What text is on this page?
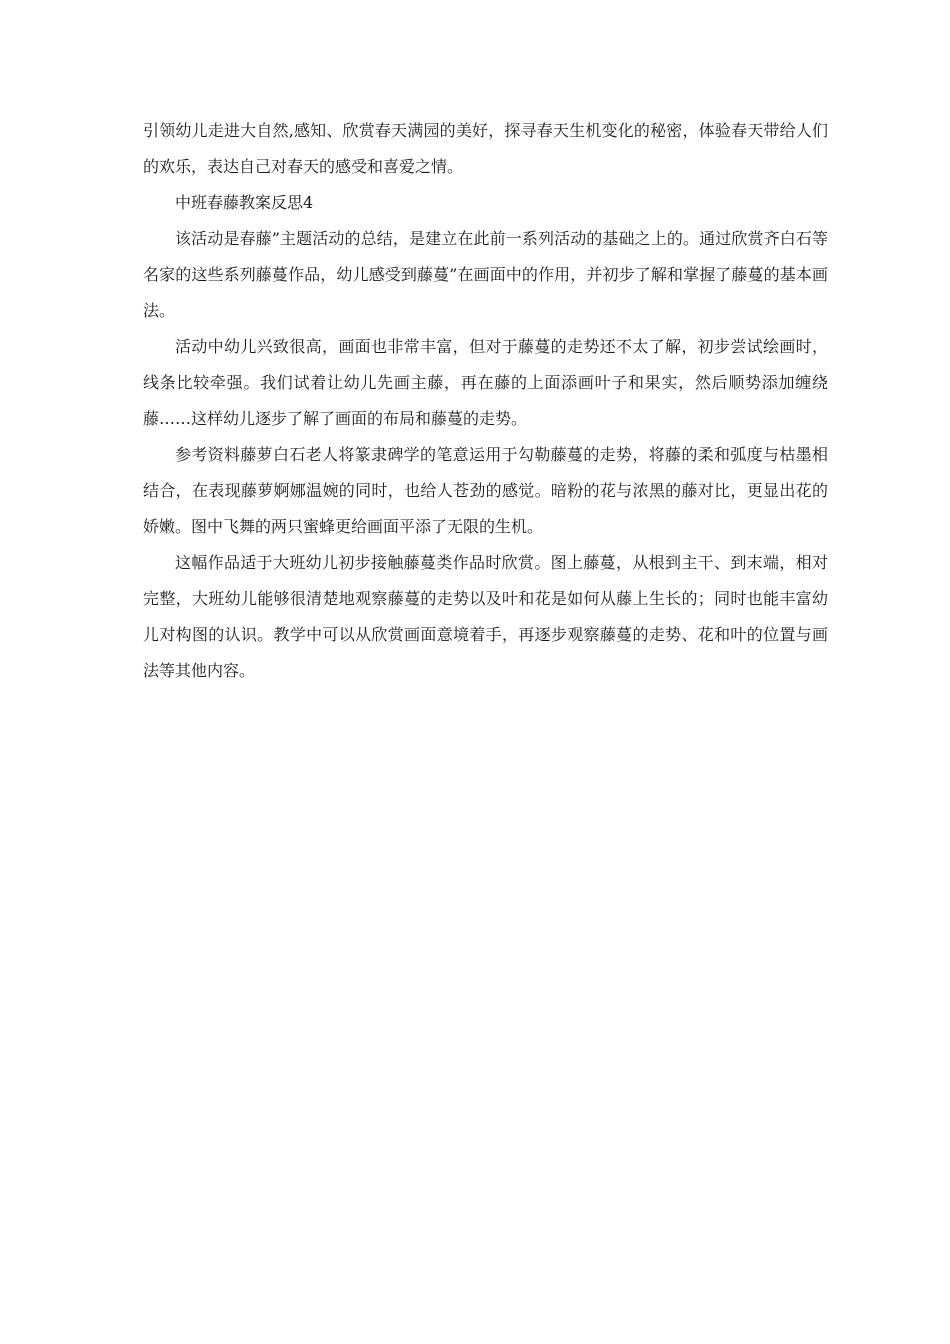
引领幼儿走进大自然,感知、欣赏春天满园的美好，探寻春天生机变化的秘密，体验春天带给人们的欢乐，表达自己对春天的感受和喜爱之情。

中班春藤教案反思4

该活动是春藤”主题活动的总结，是建立在此前一系列活动的基础之上的。通过欣赏齐白石等名家的这些系列藤蔓作品，幼儿感受到藤蔓”在画面中的作用，并初步了解和掌握了藤蔓的基本画法。

活动中幼儿兴致很高，画面也非常丰富，但对于藤蔓的走势还不太了解，初步尝试绘画时，线条比较牵强。我们试着让幼儿先画主藤，再在藤的上面添画叶子和果实，然后顺势添加缠绕藤……这样幼儿逐步了解了画面的布局和藤蔓的走势。

参考资料藤萝白石老人将篆隶碑学的笔意运用于勾勒藤蔓的走势，将藤的柔和弧度与枯墨相结合，在表现藤萝婀娜温婉的同时，也给人苍劲的感觉。暗粉的花与浓黑的藤对比，更显出花的娇嫩。图中飞舞的两只蜜蜂更给画面平添了无限的生机。

这幅作品适于大班幼儿初步接触藤蔓类作品时欣赏。图上藤蔓，从根到主干、到末端，相对完整，大班幼儿能够很清楚地观察藤蔓的走势以及叶和花是如何从藤上生长的；同时也能丰富幼儿对构图的认识。教学中可以从欣赏画面意境着手，再逐步观察藤蔓的走势、花和叶的位置与画法等其他内容。
